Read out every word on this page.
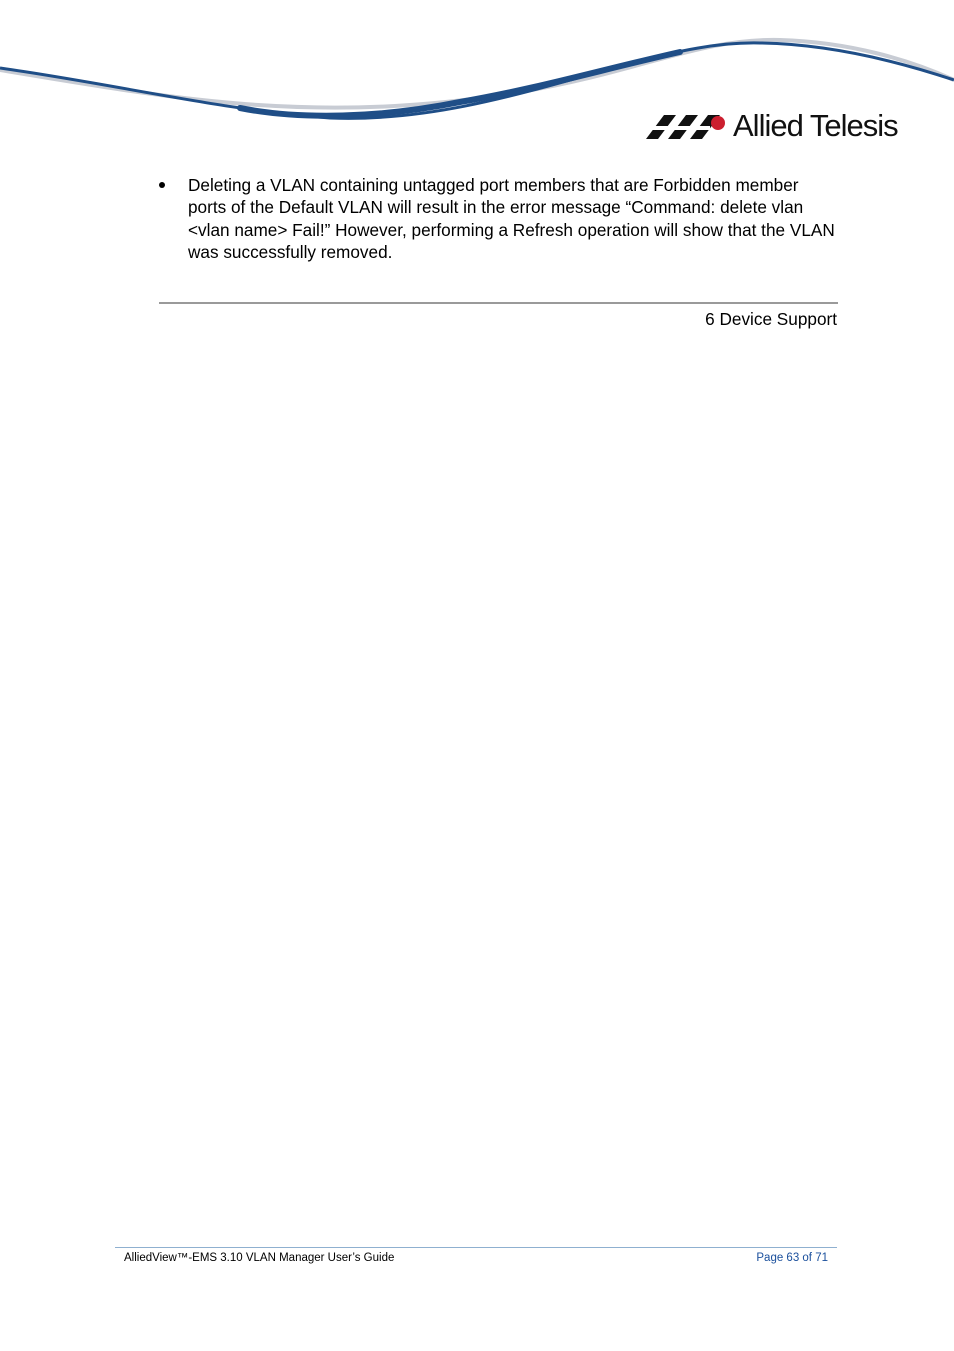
Allied Telesis
Deleting a VLAN containing untagged port members that are Forbidden member ports of the Default VLAN will result in the error message “Command: delete vlan <vlan name> Fail!” However, performing a Refresh operation will show that the VLAN was successfully removed.
6 Device Support
AlliedView™-EMS 3.10 VLAN Manager User’s Guide	Page 63 of 71
